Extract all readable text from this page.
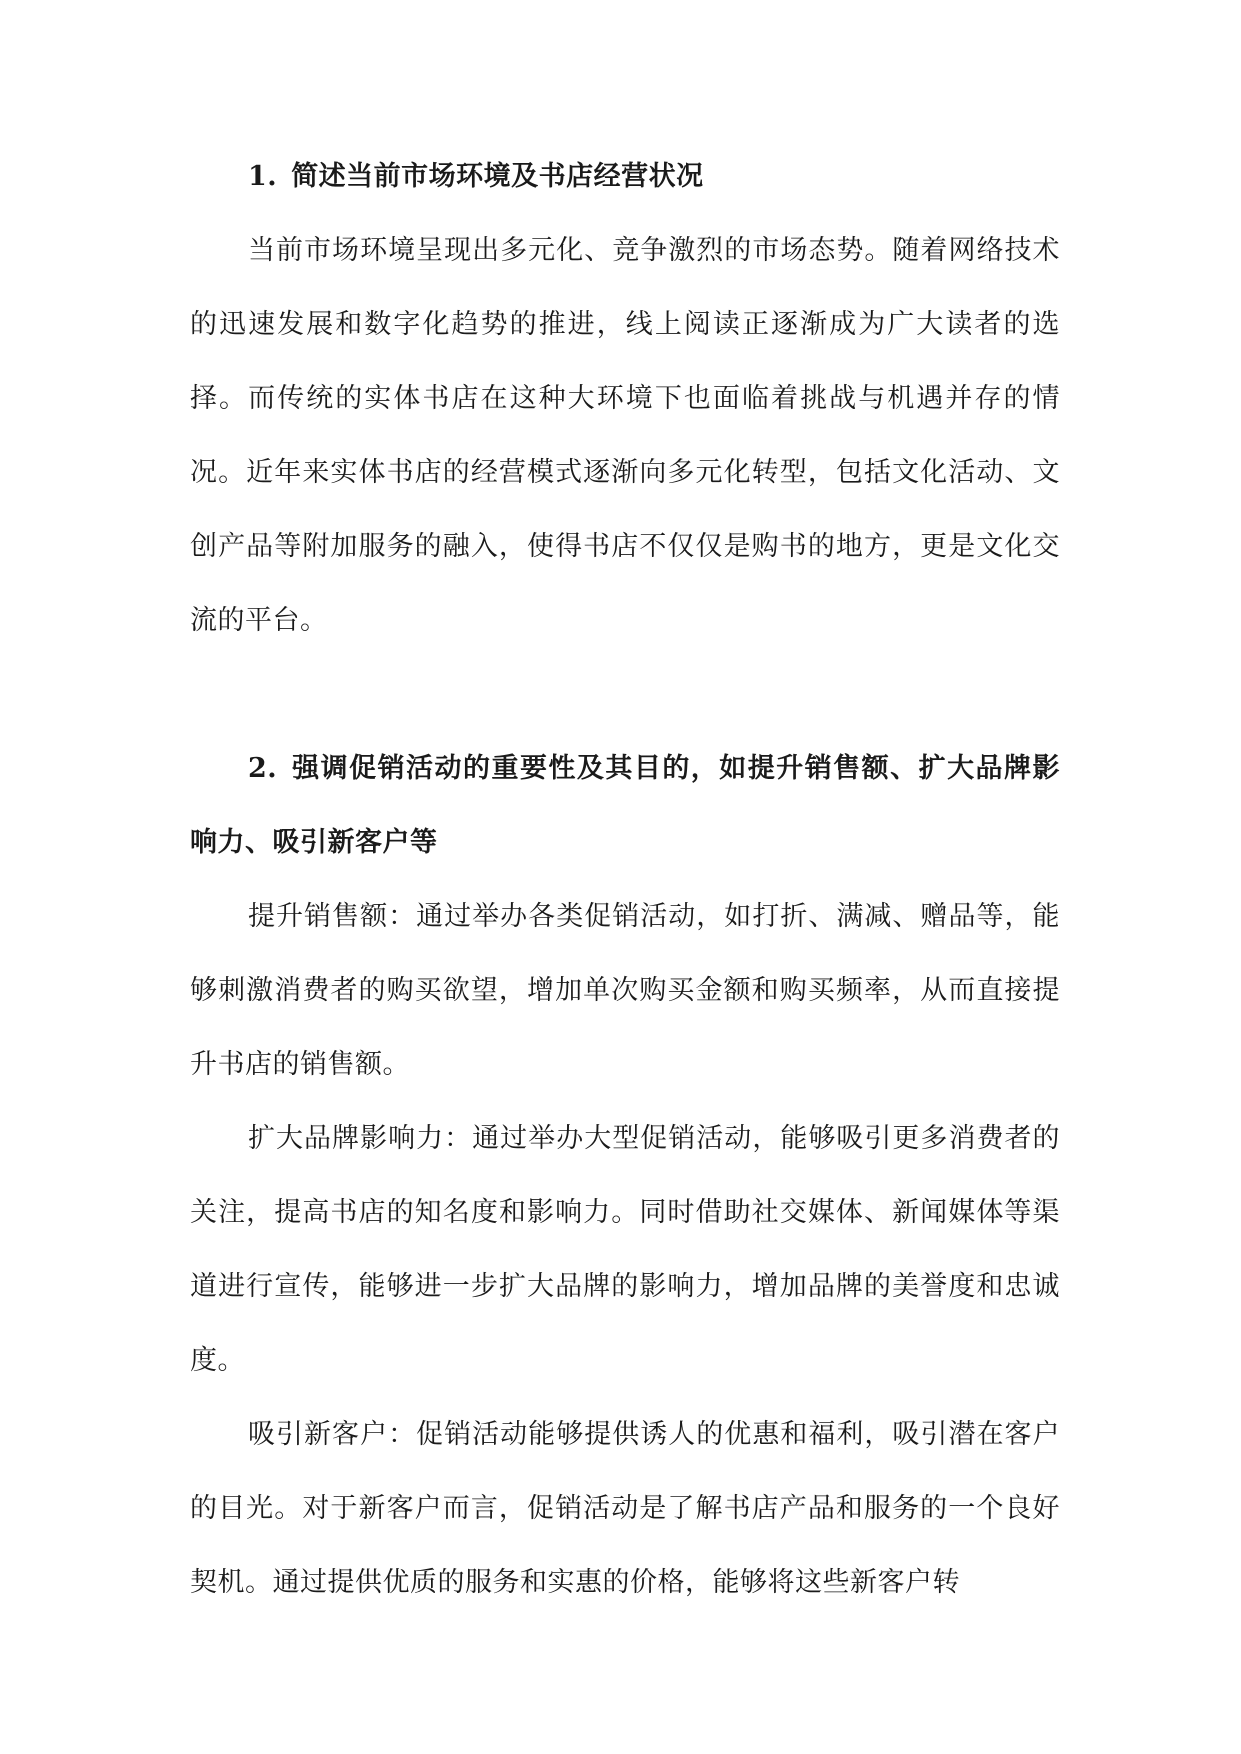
1. 简述当前市场环境及书店经营状况

当前市场环境呈现出多元化、竞争激烈的市场态势。随着网络技术的迅速发展和数字化趋势的推进，线上阅读正逐渐成为广大读者的选择。而传统的实体书店在这种大环境下也面临着挑战与机遇并存的情况。近年来实体书店的经营模式逐渐向多元化转型，包括文化活动、文创产品等附加服务的融入，使得书店不仅仅是购书的地方，更是文化交流的平台。

2. 强调促销活动的重要性及其目的，如提升销售额、扩大品牌影响力、吸引新客户等

提升销售额：通过举办各类促销活动，如打折、满减、赠品等，能够刺激消费者的购买欲望，增加单次购买金额和购买频率，从而直接提升书店的销售额。

扩大品牌影响力：通过举办大型促销活动，能够吸引更多消费者的关注，提高书店的知名度和影响力。同时借助社交媒体、新闻媒体等渠道进行宣传，能够进一步扩大品牌的影响力，增加品牌的美誉度和忠诚度。

吸引新客户：促销活动能够提供诱人的优惠和福利，吸引潜在客户的目光。对于新客户而言，促销活动是了解书店产品和服务的一个良好契机。通过提供优质的服务和实惠的价格，能够将这些新客户转
